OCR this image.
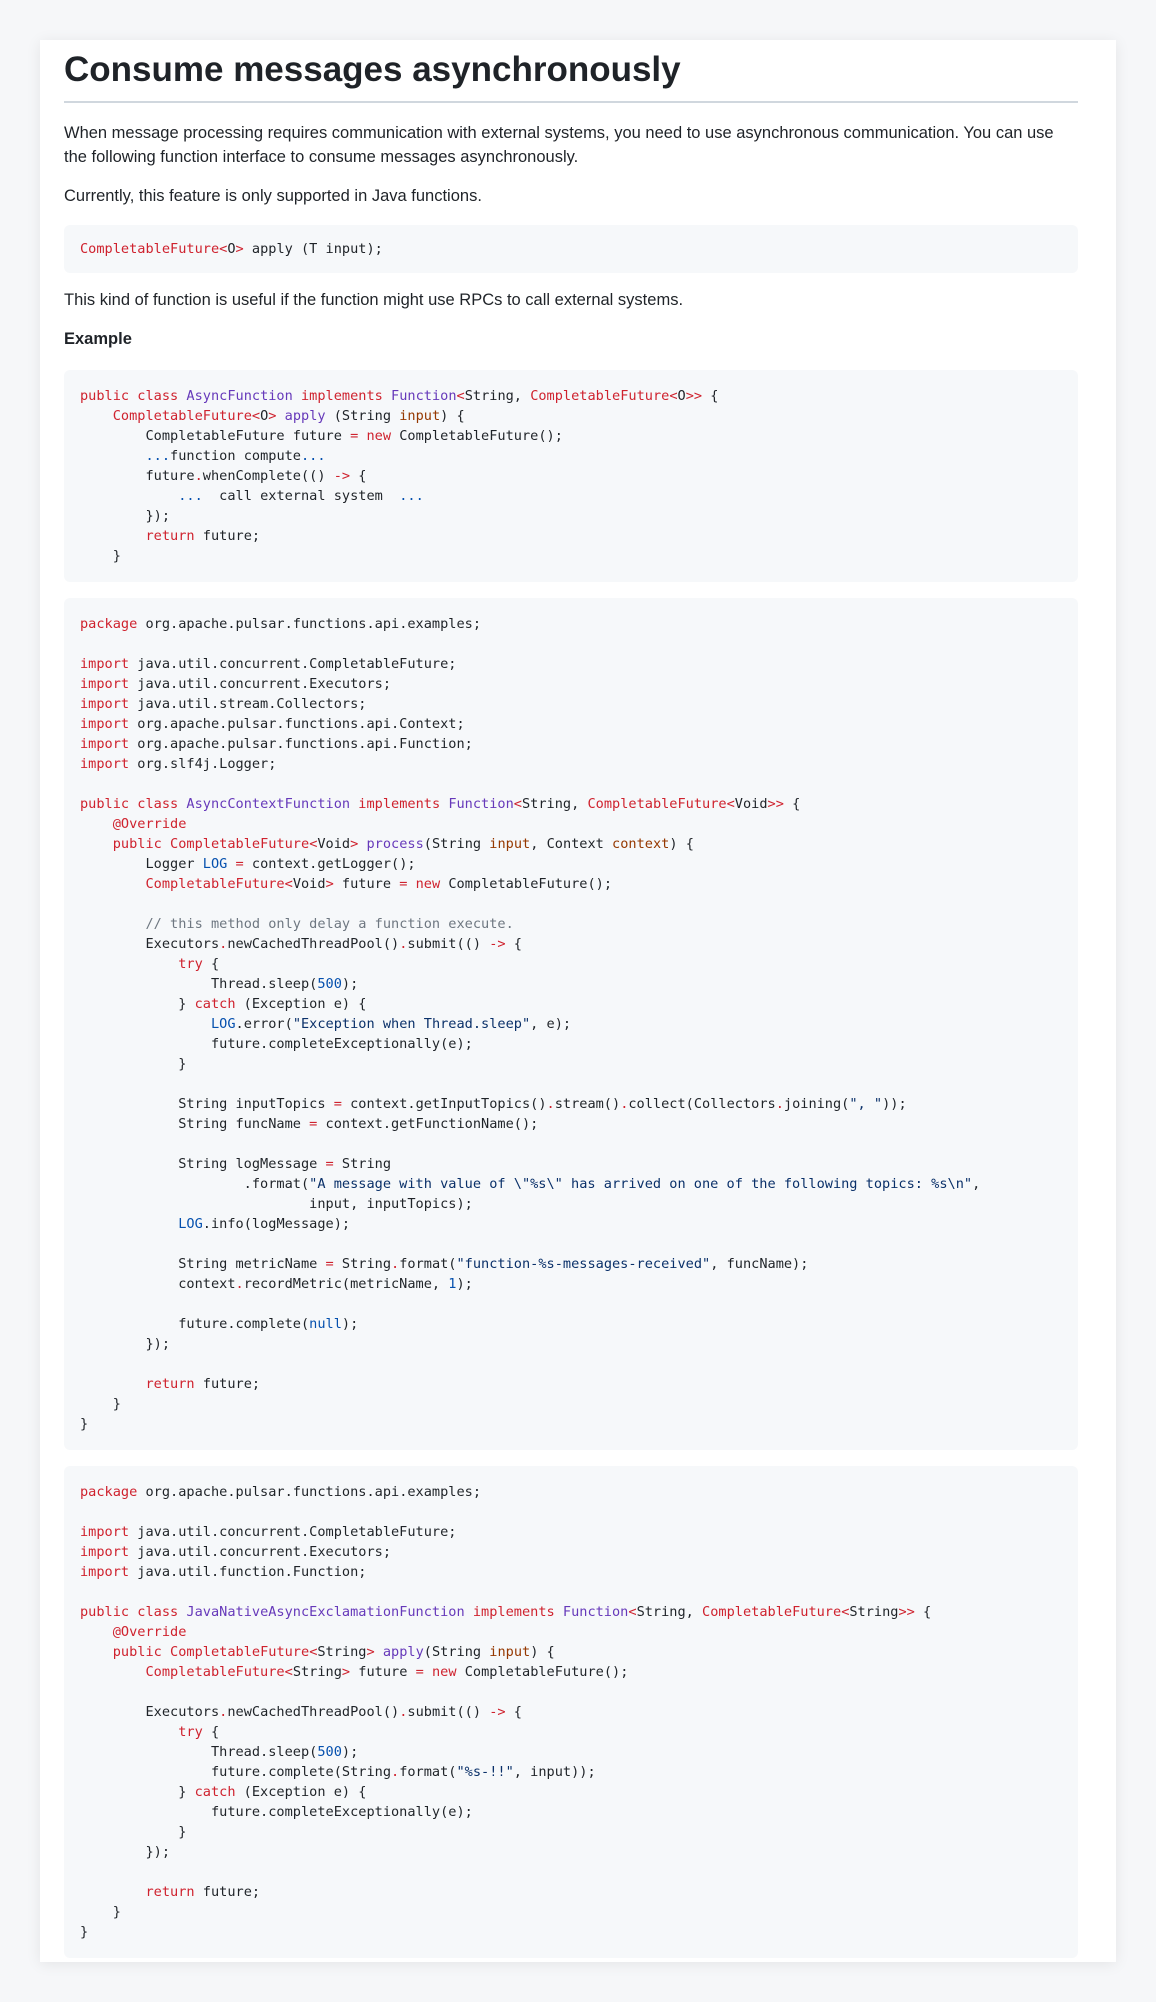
Consume messages asynchronously

When message processing requires communication with external systems, you need to use asynchronous communication. You can use the following function interface to consume messages asynchronously.

Currently, this feature is only supported in Java functions.

CompletableFuture<O> apply (T input);

This kind of function is useful if the function might use RPCs to call external systems.

Example

public class AsyncFunction implements Function<String, CompletableFuture<O>> {
CompletableFuture<O> apply (String input) {
CompletableFuture future = new CompletableFuture();
...function compute...
future.whenComplete(() -> {
...  call external system  ...
});
return future;
}
package org.apache.pulsar.functions.api.examples;

import java.util.concurrent.CompletableFuture;
import java.util.concurrent.Executors;
import java.util.stream.Collectors;
import org.apache.pulsar.functions.api.Context;
import org.apache.pulsar.functions.api.Function;
import org.slf4j.Logger;

public class AsyncContextFunction implements Function<String, CompletableFuture<Void>> {
@Override
public CompletableFuture<Void> process(String input, Context context) {
Logger LOG = context.getLogger();
CompletableFuture<Void> future = new CompletableFuture();

// this method only delay a function execute.
Executors.newCachedThreadPool().submit(() -> {
try {
Thread.sleep(500);
} catch (Exception e) {
LOG.error("Exception when Thread.sleep", e);
future.completeExceptionally(e);
}

String inputTopics = context.getInputTopics().stream().collect(Collectors.joining(", "));
String funcName = context.getFunctionName();

String logMessage = String
.format("A message with value of \"%s\" has arrived on one of the following topics: %s\n",
input, inputTopics);
LOG.info(logMessage);

String metricName = String.format("function-%s-messages-received", funcName);
context.recordMetric(metricName, 1);

future.complete(null);
});

return future;
}
}
package org.apache.pulsar.functions.api.examples;

import java.util.concurrent.CompletableFuture;
import java.util.concurrent.Executors;
import java.util.function.Function;

public class JavaNativeAsyncExclamationFunction implements Function<String, CompletableFuture<String>> {
@Override
public CompletableFuture<String> apply(String input) {
CompletableFuture<String> future = new CompletableFuture();

Executors.newCachedThreadPool().submit(() -> {
try {
Thread.sleep(500);
future.complete(String.format("%s-!!", input));
} catch (Exception e) {
future.completeExceptionally(e);
}
});

return future;
}
}
